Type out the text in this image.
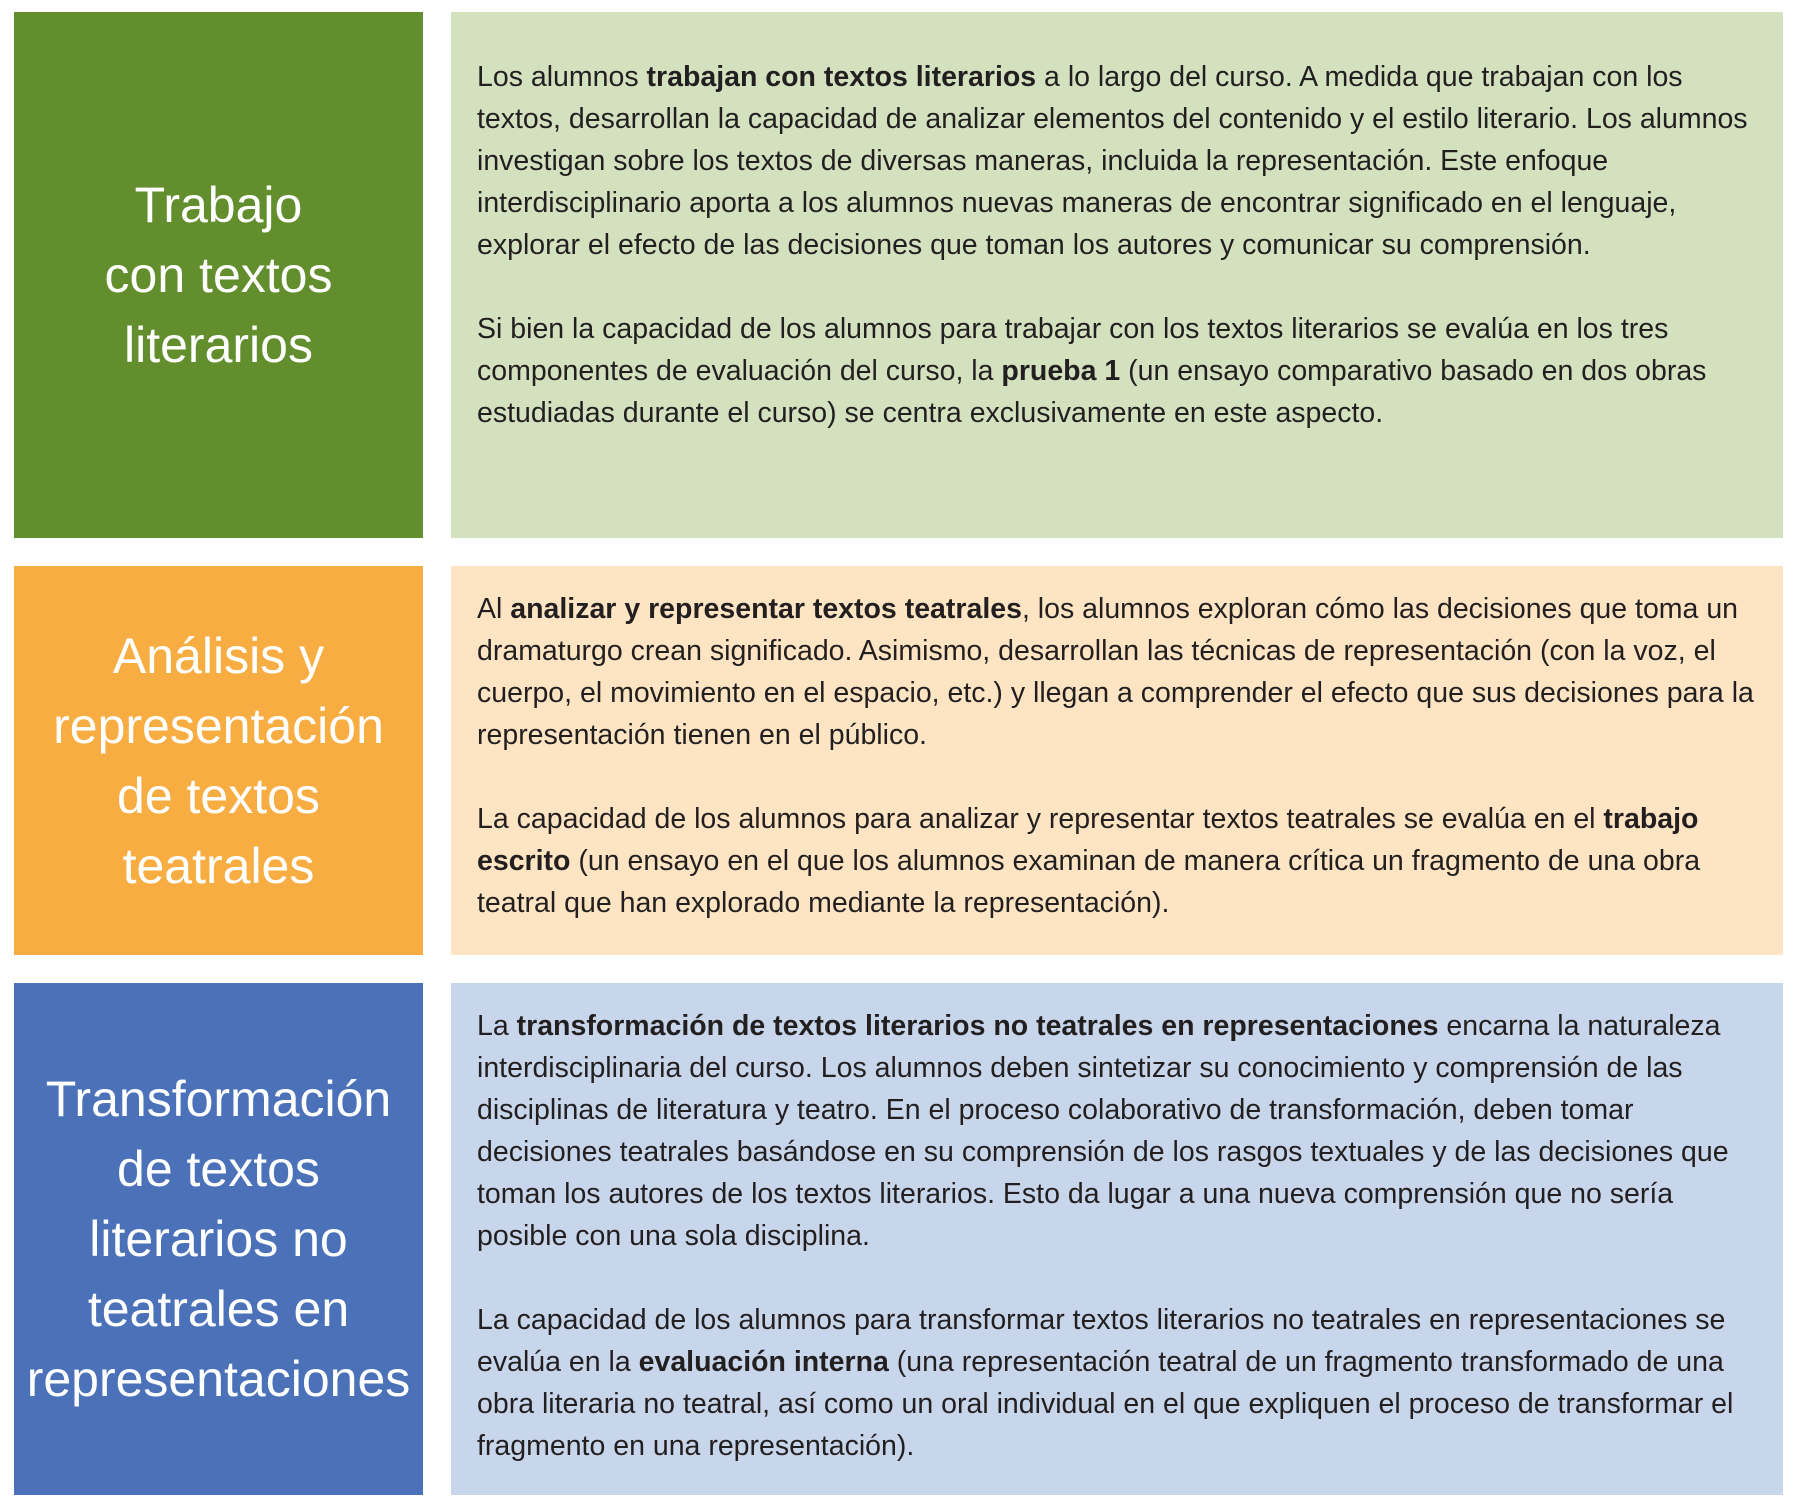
Trabajo
con textos
literarios

Los alumnos trabajan con textos literarios a lo largo del curso. A medida que trabajan con los textos, desarrollan la capacidad de analizar elementos del contenido y el estilo literario. Los alumnos investigan sobre los textos de diversas maneras, incluida la representación. Este enfoque interdisciplinario aporta a los alumnos nuevas maneras de encontrar significado en el lenguaje, explorar el efecto de las decisiones que toman los autores y comunicar su comprensión.

Si bien la capacidad de los alumnos para trabajar con los textos literarios se evalúa en los tres componentes de evaluación del curso, la prueba 1 (un ensayo comparativo basado en dos obras estudiadas durante el curso) se centra exclusivamente en este aspecto.

Análisis y
representación
de textos
teatrales

Al analizar y representar textos teatrales, los alumnos exploran cómo las decisiones que toma un dramaturgo crean significado. Asimismo, desarrollan las técnicas de representación (con la voz, el cuerpo, el movimiento en el espacio, etc.) y llegan a comprender el efecto que sus decisiones para la representación tienen en el público.

La capacidad de los alumnos para analizar y representar textos teatrales se evalúa en el trabajo escrito (un ensayo en el que los alumnos examinan de manera crítica un fragmento de una obra teatral que han explorado mediante la representación).

Transformación
de textos
literarios no
teatrales en
representaciones

La transformación de textos literarios no teatrales en representaciones encarna la naturaleza interdisciplinaria del curso. Los alumnos deben sintetizar su conocimiento y comprensión de las disciplinas de literatura y teatro. En el proceso colaborativo de transformación, deben tomar decisiones teatrales basándose en su comprensión de los rasgos textuales y de las decisiones que toman los autores de los textos literarios. Esto da lugar a una nueva comprensión que no sería posible con una sola disciplina.

La capacidad de los alumnos para transformar textos literarios no teatrales en representaciones se evalúa en la evaluación interna (una representación teatral de un fragmento transformado de una obra literaria no teatral, así como un oral individual en el que expliquen el proceso de transformar el fragmento en una representación).
